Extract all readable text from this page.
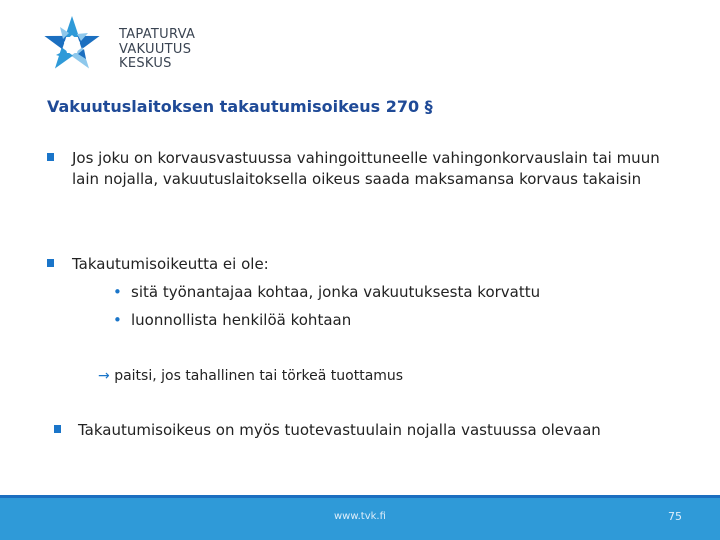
TAPATURVA
VAKUUTUS
KESKUS
Vakuutuslaitoksen takautumisoikeus 270 §
Jos joku on korvausvastuussa vahingoittuneelle vahingonkorvauslain tai muun lain nojalla, vakuutuslaitoksella oikeus saada maksamansa korvaus takaisin
Takautumisoikeutta ei ole:
• sitä työnantajaa kohtaa, jonka vakuutuksesta korvattu
• luonnollista henkilöä kohtaan
→ paitsi, jos tahallinen tai törkeä tuottamus
Takautumisoikeus on myös tuotevastuulain nojalla vastuussa olevaan
www.tvk.fi	75
